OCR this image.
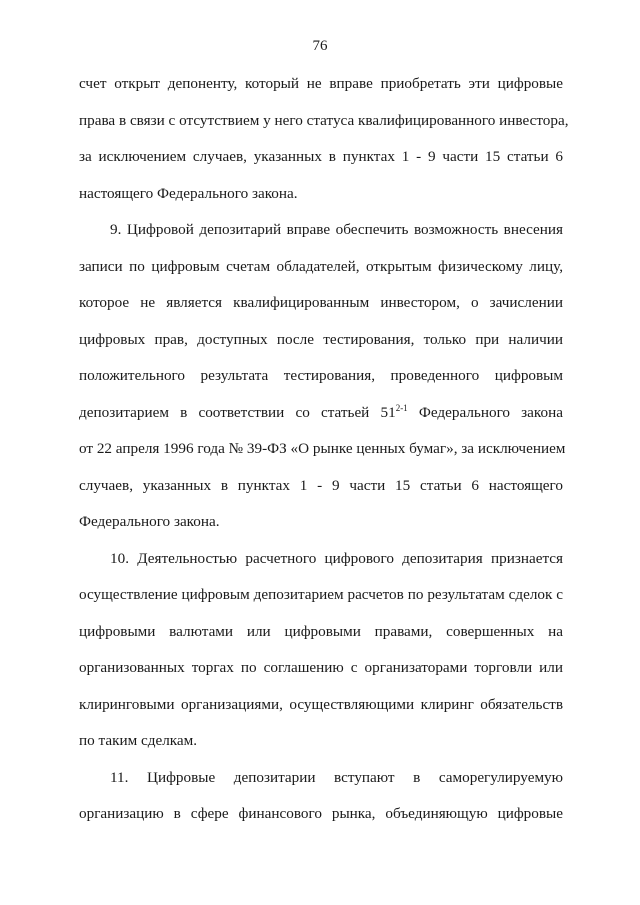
76
счет открыт депоненту, который не вправе приобретать эти цифровые
права в связи с отсутствием у него статуса квалифицированного инвестора,
за исключением случаев, указанных в пунктах 1 - 9 части 15 статьи 6
настоящего Федерального закона.
9. Цифровой депозитарий вправе обеспечить возможность внесения
записи по цифровым счетам обладателей, открытым физическому лицу,
которое не является квалифицированным инвестором, о зачислении
цифровых прав, доступных после тестирования, только при наличии
положительного результата тестирования, проведенного цифровым
депозитарием в соответствии со статьей 51$^{2-1}$ Федерального закона
от 22 апреля 1996 года № 39-ФЗ «О рынке ценных бумаг», за исключением
случаев, указанных в пунктах 1 - 9 части 15 статьи 6 настоящего
Федерального закона.
10. Деятельностью расчетного цифрового депозитария признается
осуществление цифровым депозитарием расчетов по результатам сделок с
цифровыми валютами или цифровыми правами, совершенных на
организованных торгах по соглашению с организаторами торговли или
клиринговыми организациями, осуществляющими клиринг обязательств
по таким сделкам.
11. Цифровые депозитарии вступают в саморегулируемую
организацию в сфере финансового рынка, объединяющую цифровые
